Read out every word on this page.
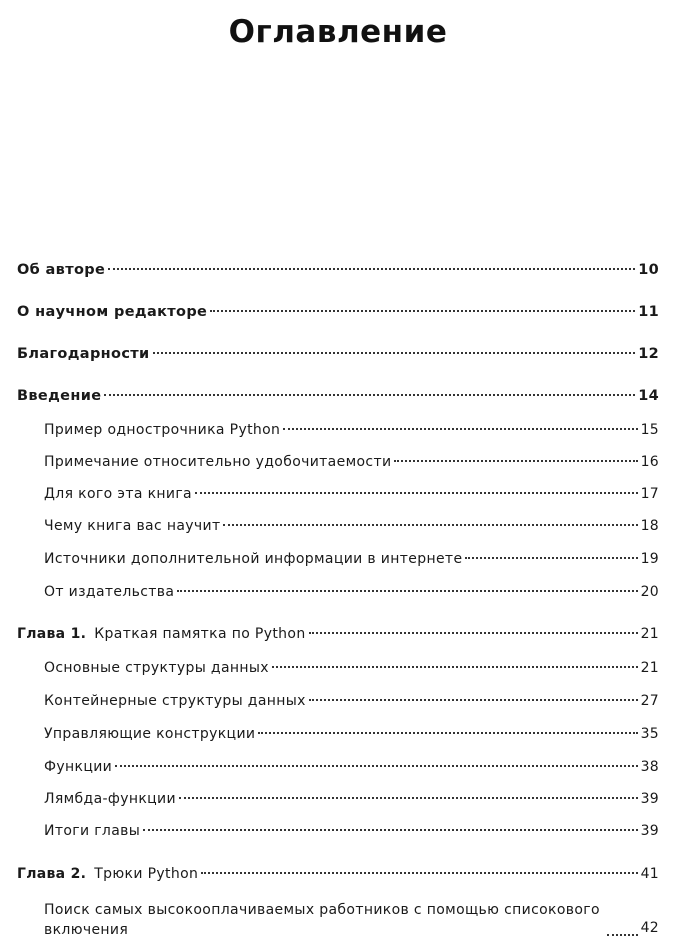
Оглавление
Об авторе	10
О научном редакторе	11
Благодарности	12
Введение	14
Пример однострочника Python	15
Примечание относительно удобочитаемости	16
Для кого эта книга	17
Чему книга вас научит	18
Источники дополнительной информации в интернете	19
От издательства	20
Глава 1. Краткая памятка по Python	21
Основные структуры данных	21
Контейнерные структуры данных	27
Управляющие конструкции	35
Функции	38
Лямбда-функции	39
Итоги главы	39
Глава 2. Трюки Python	41
Поиск самых высокооплачиваемых работников с помощью списокового включения	42
